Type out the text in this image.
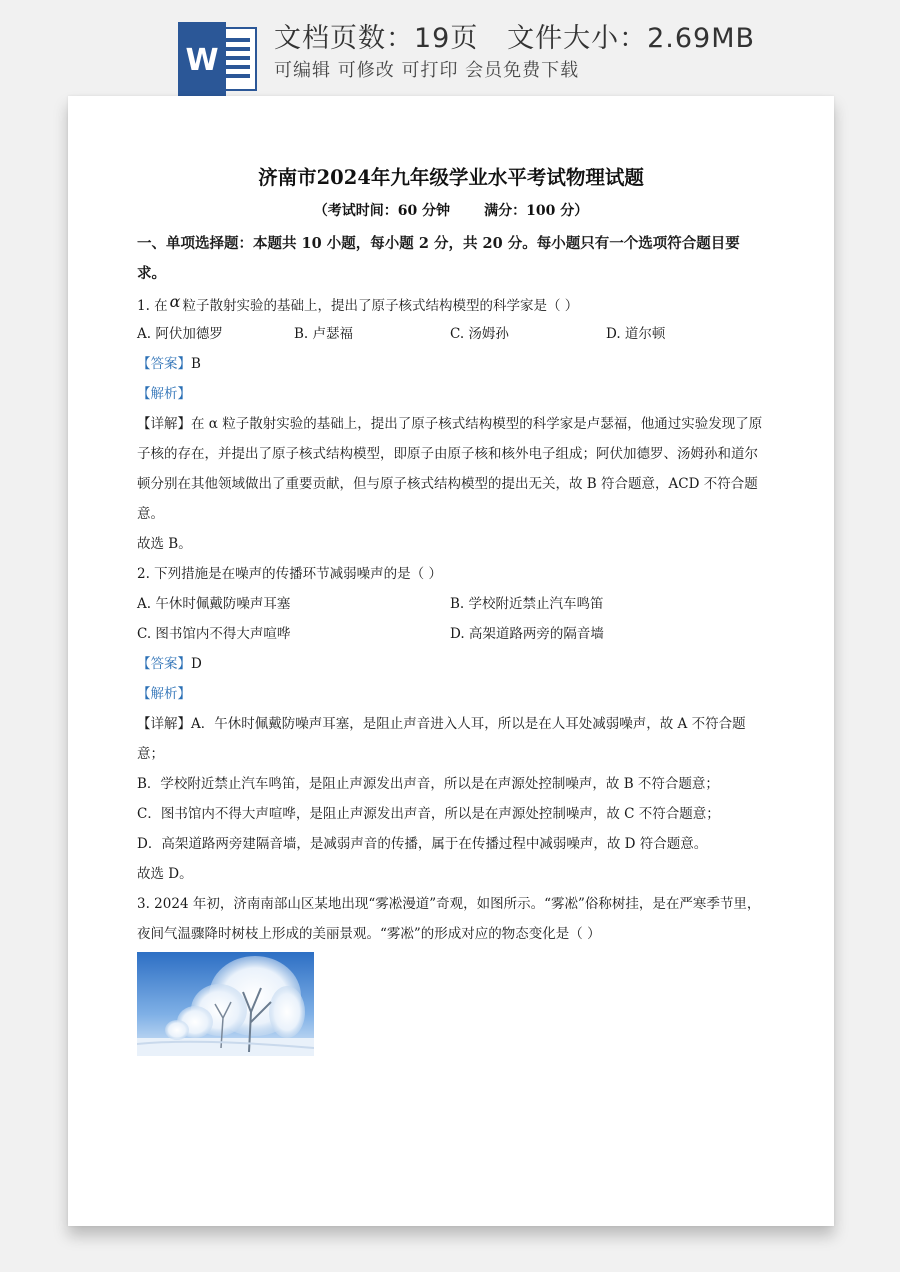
W
文档页数：19页   文件大小：2.69MB
可编辑 可修改 可打印 会员免费下载
济南市2024年九年级学业水平考试物理试题
（考试时间：60 分钟       满分：100 分）
一、单项选择题：本题共 10 小题，每小题 2 分，共 20 分。每小题只有一个选项符合题目要
求。
1. 在 α 粒子散射实验的基础上，提出了原子核式结构模型的科学家是（ ）
A. 阿伏加德罗	B. 卢瑟福	C. 汤姆孙	D. 道尔顿
【答案】B
【解析】
【详解】在 α 粒子散射实验的基础上，提出了原子核式结构模型的科学家是卢瑟福，他通过实验发现了原
子核的存在，并提出了原子核式结构模型，即原子由原子核和核外电子组成；阿伏加德罗、汤姆孙和道尔
顿分别在其他领域做出了重要贡献，但与原子核式结构模型的提出无关，故 B 符合题意，ACD 不符合题
意。
故选 B。
2. 下列措施是在噪声的传播环节减弱噪声的是（ ）
A. 午休时佩戴防噪声耳塞	B. 学校附近禁止汽车鸣笛
C. 图书馆内不得大声喧哗	D. 高架道路两旁的隔音墙
【答案】D
【解析】
【详解】A．午休时佩戴防噪声耳塞，是阻止声音进入人耳，所以是在人耳处减弱噪声，故 A 不符合题
意；
B．学校附近禁止汽车鸣笛，是阻止声源发出声音，所以是在声源处控制噪声，故 B 不符合题意；
C．图书馆内不得大声喧哗，是阻止声源发出声音，所以是在声源处控制噪声，故 C 不符合题意；
D．高架道路两旁建隔音墙，是减弱声音的传播，属于在传播过程中减弱噪声，故 D 符合题意。
故选 D。
3. 2024 年初，济南南部山区某地出现“雾凇漫道”奇观，如图所示。“雾凇”俗称树挂，是在严寒季节里，
夜间气温骤降时树枝上形成的美丽景观。“雾凇”的形成对应的物态变化是（ ）
